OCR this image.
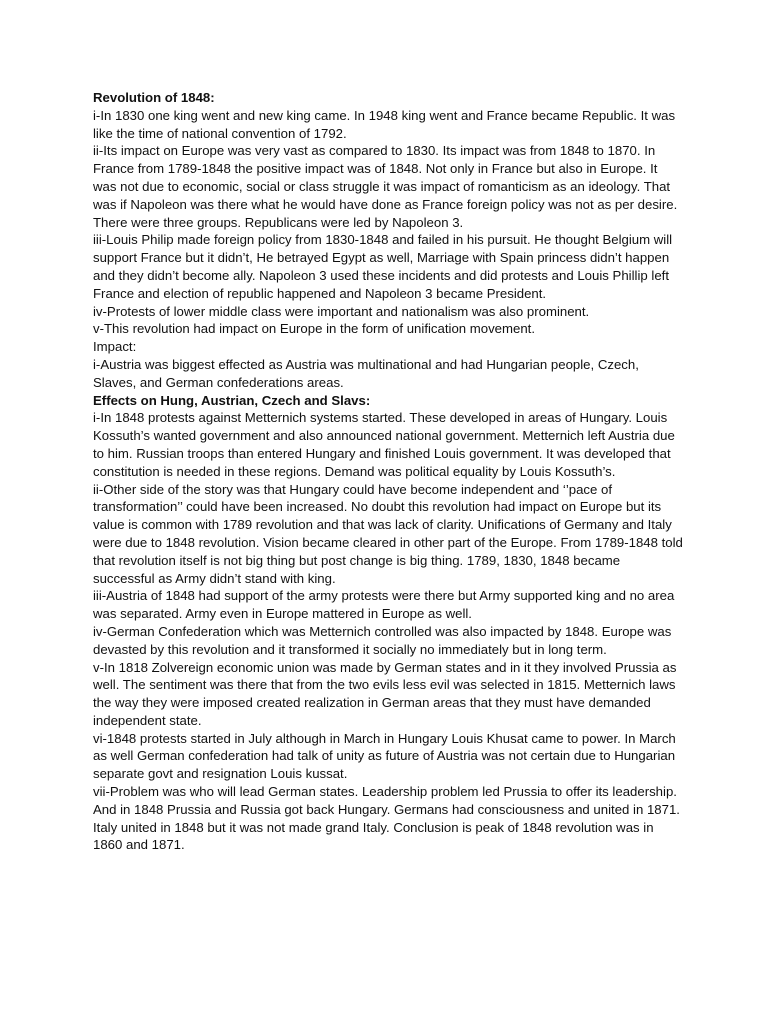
Revolution of 1848:

i-In 1830 one king went and new king came. In 1948 king went and France became Republic. It was like the time of national convention of 1792.

ii-Its impact on Europe was very vast as compared to 1830. Its impact was from 1848 to 1870. In France from 1789-1848 the positive impact was of 1848. Not only in France but also in Europe. It was not due to economic, social or class struggle it was impact of romanticism as an ideology. That was if Napoleon was there what he would have done as France foreign policy was not as per desire. There were three groups. Republicans were led by Napoleon 3.

iii-Louis Philip made foreign policy from 1830-1848 and failed in his pursuit. He thought Belgium will support France but it didn’t, He betrayed Egypt as well, Marriage with Spain princess didn’t happen and they didn’t become ally. Napoleon 3 used these incidents and did protests and Louis Phillip left France and election of republic happened and Napoleon 3 became President.

iv-Protests of lower middle class were important and nationalism was also prominent.

v-This revolution had impact on Europe in the form of unification movement.

Impact:

i-Austria was biggest effected as Austria was multinational and had Hungarian people, Czech, Slaves, and German confederations areas.

Effects on Hung, Austrian, Czech and Slavs:

i-In 1848 protests against Metternich systems started. These developed in areas of Hungary. Louis Kossuth’s wanted government and also announced national government. Metternich left Austria due to him. Russian troops than entered Hungary and finished Louis government. It was developed that constitution is needed in these regions. Demand was political equality by Louis Kossuth’s.

ii-Other side of the story was that Hungary could have become independent and ‘’pace of transformation’’ could have been increased. No doubt this revolution had impact on Europe but its value is common with 1789 revolution and that was lack of clarity. Unifications of Germany and Italy were due to 1848 revolution. Vision became cleared in other part of the Europe. From 1789-1848 told that revolution itself is not big thing but post change is big thing. 1789, 1830, 1848 became successful as Army didn’t stand with king.

iii-Austria of 1848 had support of the army protests were there but Army supported king and no area was separated. Army even in Europe mattered in Europe as well.

iv-German Confederation which was Metternich controlled was also impacted by 1848. Europe was devasted by this revolution and it transformed it socially no immediately but in long term.

v-In 1818 Zolvereign economic union was made by German states and in it they involved Prussia as well. The sentiment was there that from the two evils less evil was selected in 1815. Metternich laws the way they were imposed created realization in German areas that they must have demanded independent state.

vi-1848 protests started in July although in March in Hungary Louis Khusat came to power. In March as well German confederation had talk of unity as future of Austria was not certain due to Hungarian separate govt and resignation Louis kussat.

vii-Problem was who will lead German states. Leadership problem led Prussia to offer its leadership. And in 1848 Prussia and Russia got back Hungary. Germans had consciousness and united in 1871. Italy united in 1848 but it was not made grand Italy. Conclusion is peak of 1848 revolution was in 1860 and 1871.
